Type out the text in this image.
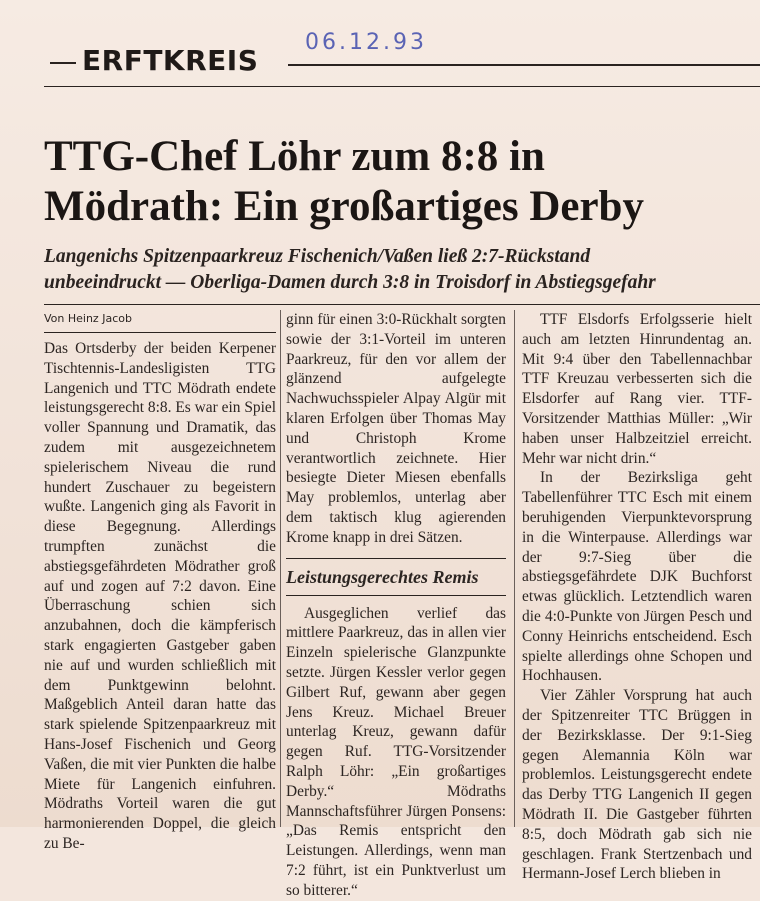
ERFTKREIS
06.12.93
TTG-Chef Löhr zum 8:8 in
Mödrath: Ein großartiges Derby
Langenichs Spitzenpaarkreuz Fischenich/Vaßen ließ 2:7-Rückstand
unbeeindruckt — Oberliga-Damen durch 3:8 in Troisdorf in Abstiegsgefahr
Von Heinz Jacob

Das Ortsderby der beiden Kerpener Tischtennis-Landesligisten TTG Langenich und TTC Mödrath endete leistungsgerecht 8:8. Es war ein Spiel voller Spannung und Dramatik, das zudem mit ausgezeichnetem spielerischem Niveau die rund hundert Zuschauer zu begeistern wußte. Langenich ging als Favorit in diese Begegnung. Allerdings trumpften zunächst die abstiegsgefährdeten Mödrather groß auf und zogen auf 7:2 davon. Eine Überraschung schien sich anzubahnen, doch die kämpferisch stark engagierten Gastgeber gaben nie auf und wurden schließlich mit dem Punktgewinn belohnt. Maßgeblich Anteil daran hatte das stark spielende Spitzenpaarkreuz mit Hans-Josef Fischenich und Georg Vaßen, die mit vier Punkten die halbe Miete für Langenich einfuhren. Mödraths Vorteil waren die gut harmonierenden Doppel, die gleich zu Be-

ginn für einen 3:0-Rückhalt sorgten sowie der 3:1-Vorteil im unteren Paarkreuz, für den vor allem der glänzend aufgelegte Nachwuchsspieler Alpay Algür mit klaren Erfolgen über Thomas May und Christoph Krome verantwortlich zeichnete. Hier besiegte Dieter Miesen ebenfalls May problemlos, unterlag aber dem taktisch klug agierenden Krome knapp in drei Sätzen.

Leistungsgerechtes Remis

Ausgeglichen verlief das mittlere Paarkreuz, das in allen vier Einzeln spielerische Glanzpunkte setzte. Jürgen Kessler verlor gegen Gilbert Ruf, gewann aber gegen Jens Kreuz. Michael Breuer unterlag Kreuz, gewann dafür gegen Ruf. TTG-Vorsitzender Ralph Löhr: „Ein großartiges Derby.“ Mödraths Mannschaftsführer Jürgen Ponsens: „Das Remis entspricht den Leistungen. Allerdings, wenn man 7:2 führt, ist ein Punktverlust um so bitterer.“

TTF Elsdorfs Erfolgsserie hielt auch am letzten Hinrundentag an. Mit 9:4 über den Tabellennachbar TTF Kreuzau verbesserten sich die Elsdorfer auf Rang vier. TTF-Vorsitzender Matthias Müller: „Wir haben unser Halbzeitziel erreicht. Mehr war nicht drin.“

In der Bezirksliga geht Tabellenführer TTC Esch mit einem beruhigenden Vierpunktevorsprung in die Winterpause. Allerdings war der 9:7-Sieg über die abstiegsgefährdete DJK Buchforst etwas glücklich. Letztendlich waren die 4:0-Punkte von Jürgen Pesch und Conny Heinrichs entscheidend. Esch spielte allerdings ohne Schopen und Hochhausen.

Vier Zähler Vorsprung hat auch der Spitzenreiter TTC Brüggen in der Bezirksklasse. Der 9:1-Sieg gegen Alemannia Köln war problemlos. Leistungsgerecht endete das Derby TTG Langenich II gegen Mödrath II. Die Gastgeber führten 8:5, doch Mödrath gab sich nie geschlagen. Frank Stertzenbach und Hermann-Josef Lerch blieben in
